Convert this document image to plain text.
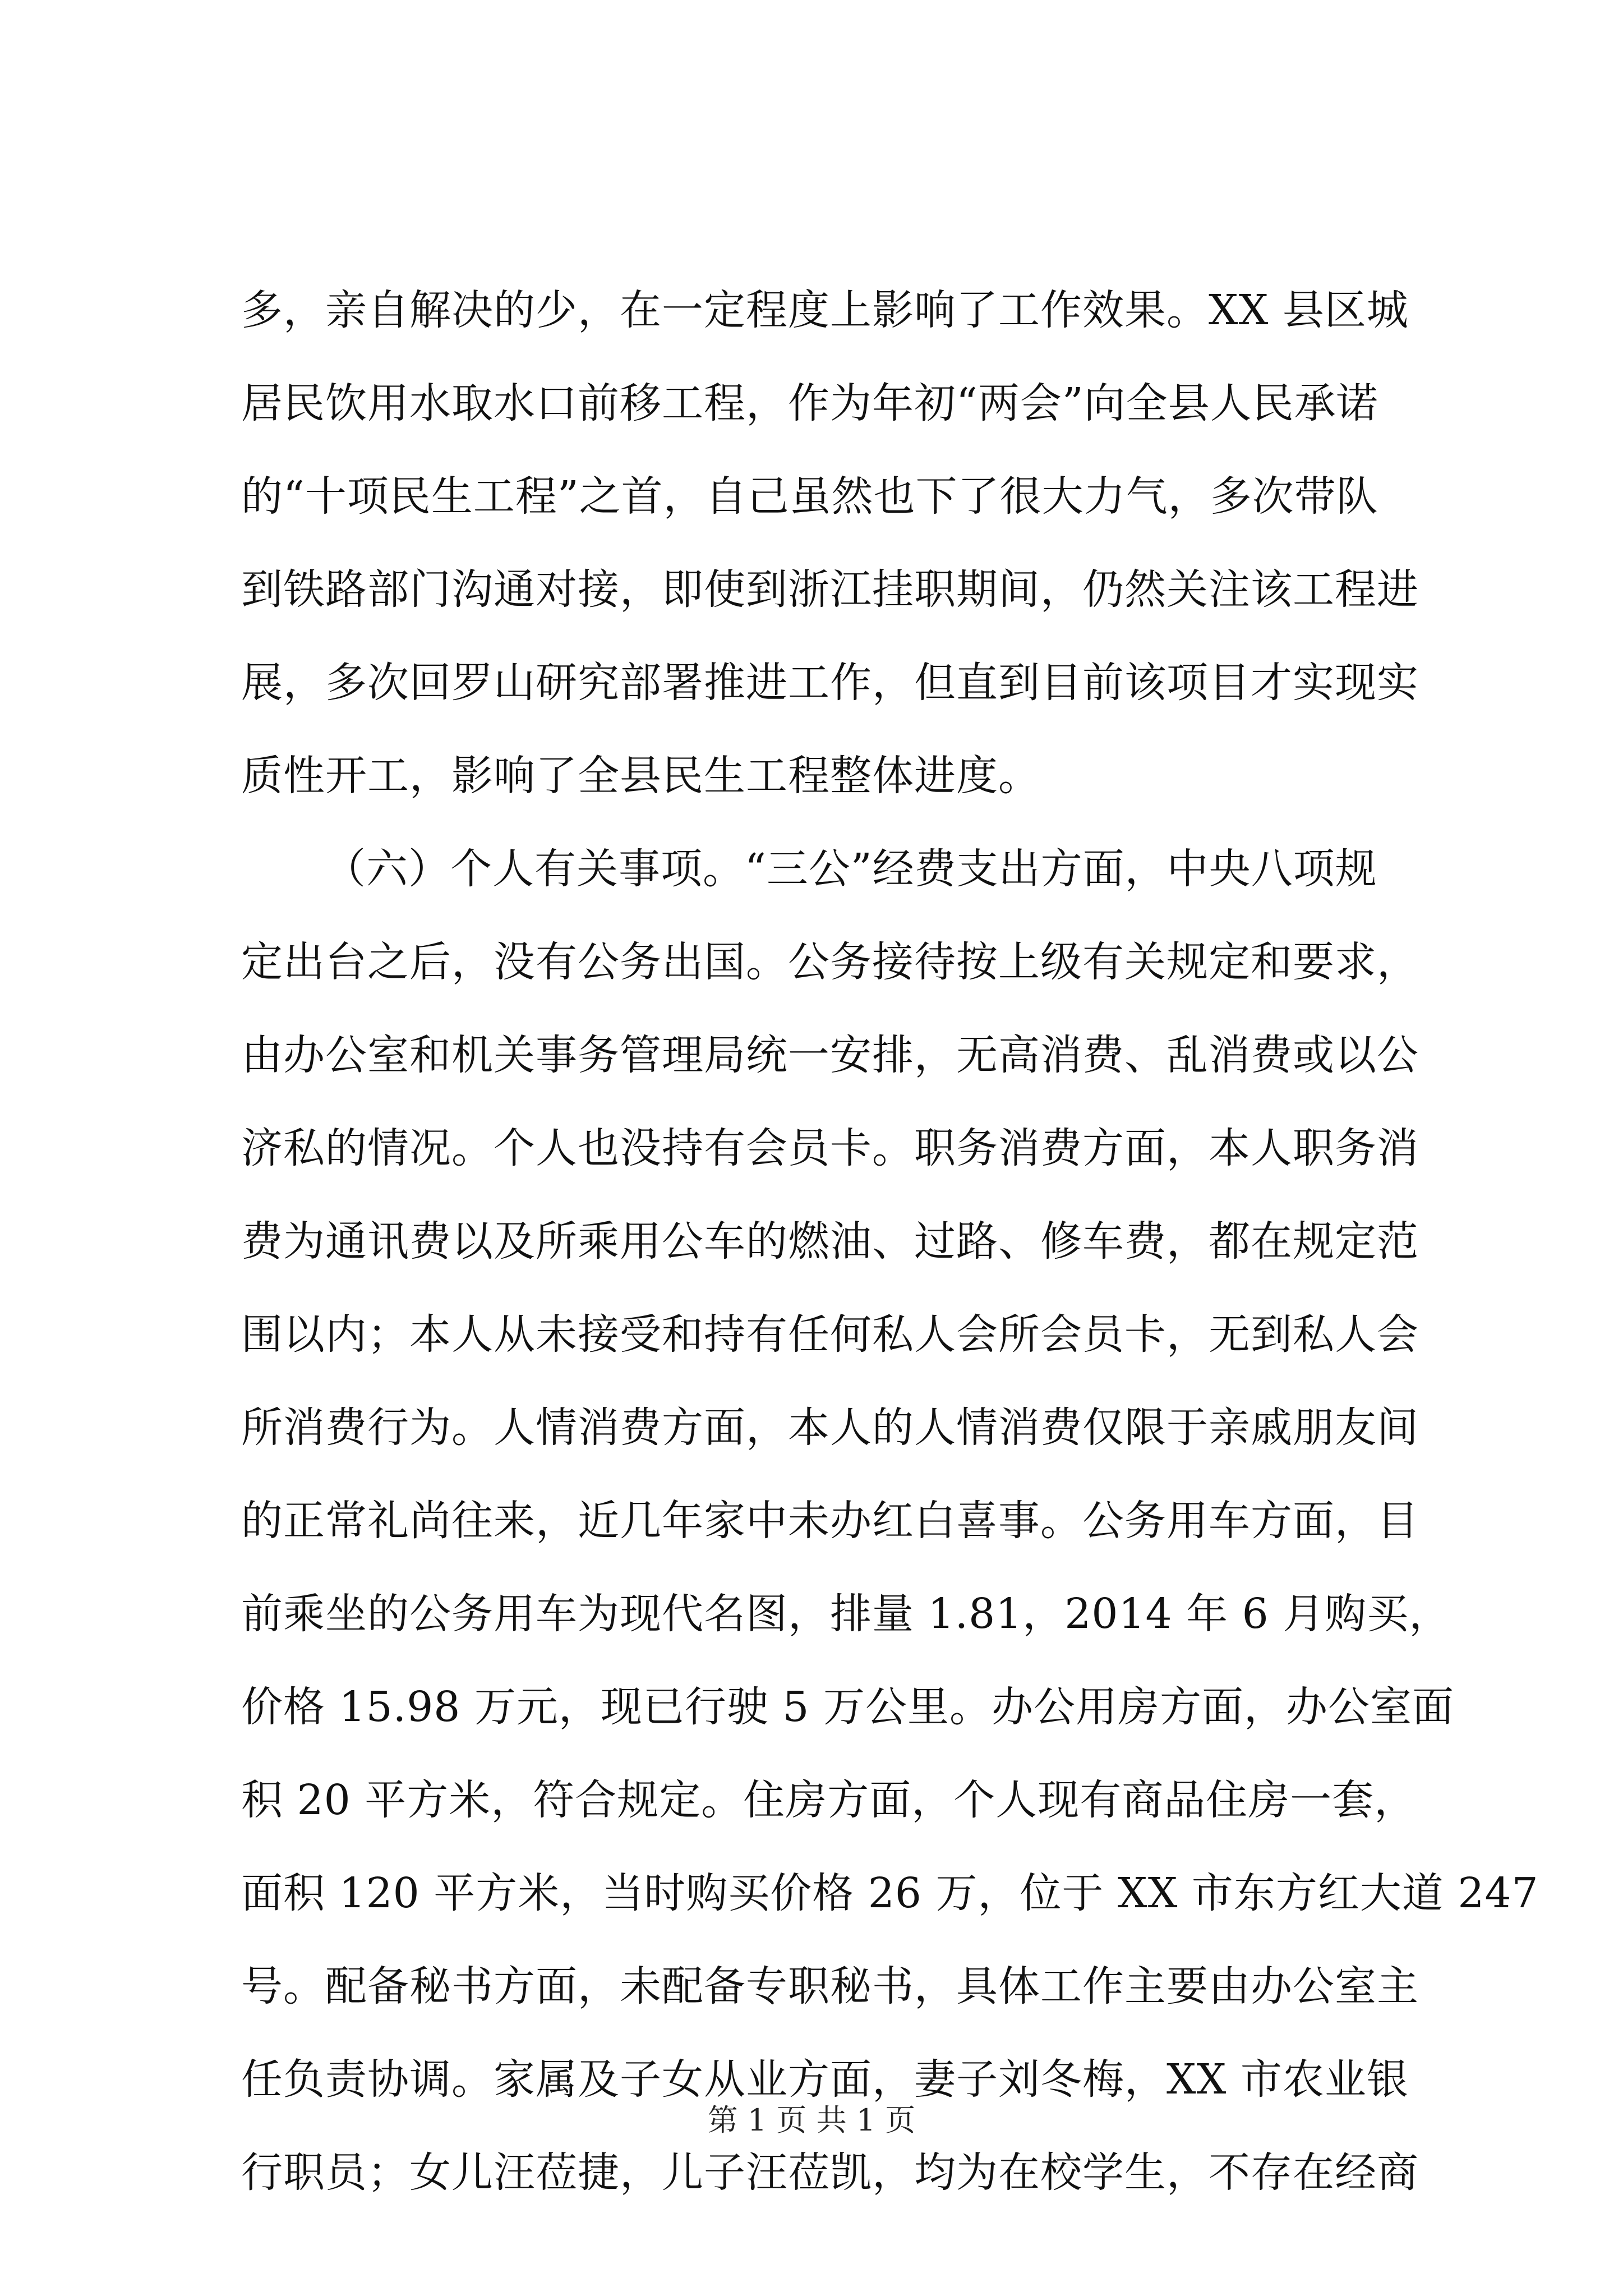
多，亲自解决的少，在一定程度上影响了工作效果。XX 县区城
居民饮用水取水口前移工程，作为年初“两会”向全县人民承诺
的“十项民生工程”之首，自己虽然也下了很大力气，多次带队
到铁路部门沟通对接，即使到浙江挂职期间，仍然关注该工程进
展，多次回罗山研究部署推进工作，但直到目前该项目才实现实
质性开工，影响了全县民生工程整体进度。
（六）个人有关事项。“三公”经费支出方面，中央八项规
定出台之后，没有公务出国。公务接待按上级有关规定和要求，
由办公室和机关事务管理局统一安排，无高消费、乱消费或以公
济私的情况。个人也没持有会员卡。职务消费方面，本人职务消
费为通讯费以及所乘用公车的燃油、过路、修车费，都在规定范
围以内；本人从未接受和持有任何私人会所会员卡，无到私人会
所消费行为。人情消费方面，本人的人情消费仅限于亲戚朋友间
的正常礼尚往来，近几年家中未办红白喜事。公务用车方面，目
前乘坐的公务用车为现代名图，排量 1.81，2014 年 6 月购买，
价格 15.98 万元，现已行驶 5 万公里。办公用房方面，办公室面
积 20 平方米，符合规定。住房方面，个人现有商品住房一套，
面积 120 平方米，当时购买价格 26 万，位于 XX 市东方红大道 247
号。配备秘书方面，未配备专职秘书，具体工作主要由办公室主
任负责协调。家属及子女从业方面，妻子刘冬梅，XX 市农业银
行职员；女儿汪莅捷，儿子汪莅凯，均为在校学生，不存在经商
第 1 页 共 1 页
